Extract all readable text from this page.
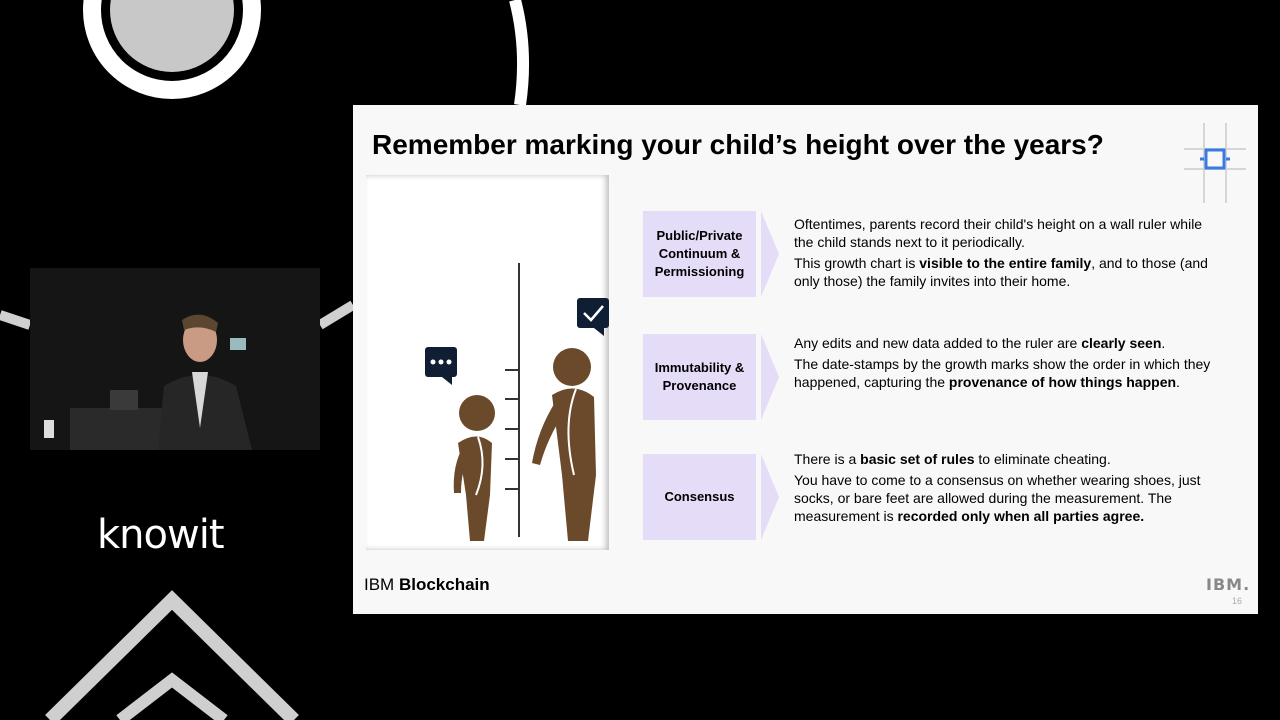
knowit
Remember marking your child’s height over the years?
Public/Private Continuum & Permissioning

Oftentimes, parents record their child's height on a wall ruler while the child stands next to it periodically.

This growth chart is visible to the entire family, and to those (and only those) the family invites into their home.

Immutability & Provenance

Any edits and new data added to the ruler are clearly seen.

The date-stamps by the growth marks show the order in which they happened, capturing the provenance of how things happen.

Consensus

There is a basic set of rules to eliminate cheating.

You have to come to a consensus on whether wearing shoes, just socks, or bare feet are allowed during the measurement. The measurement is recorded only when all parties agree.

IBM Blockchain	IBM.
16
